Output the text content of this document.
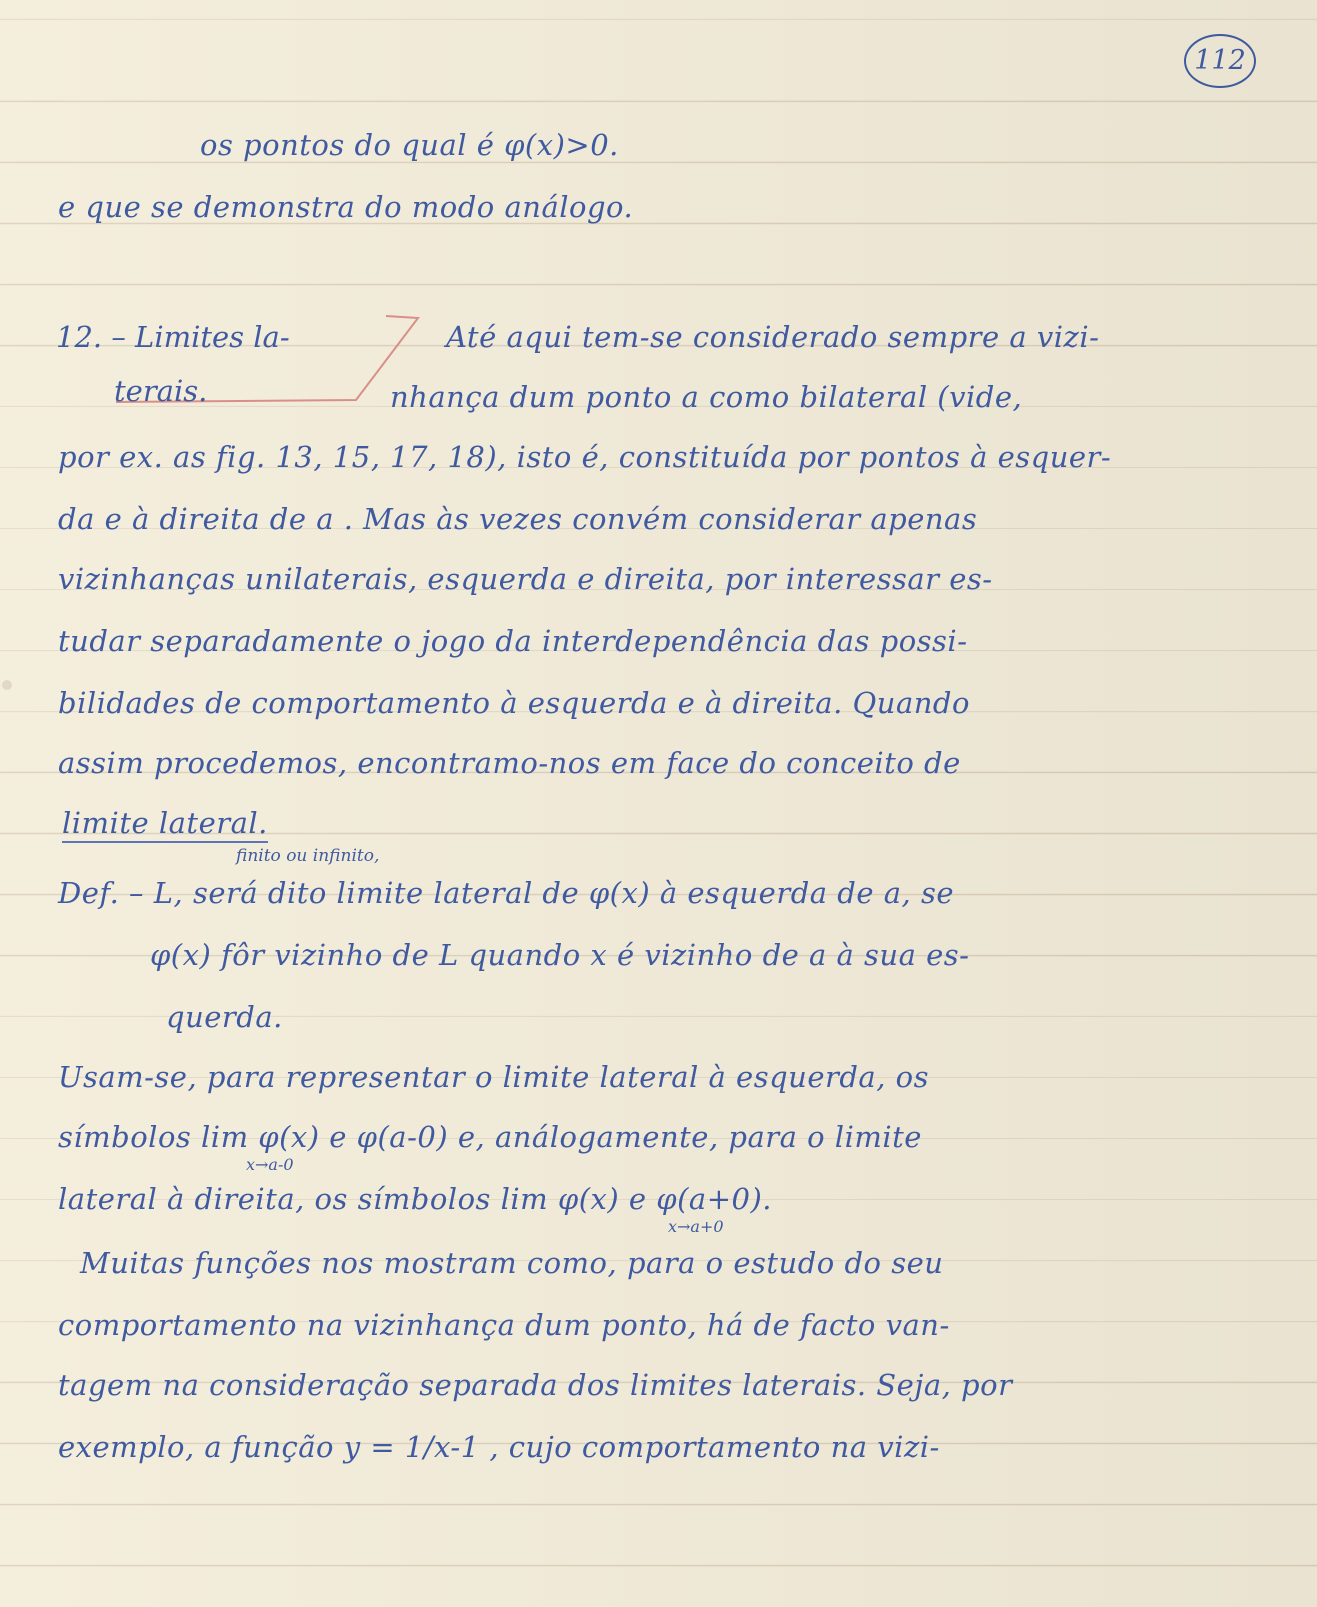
112
os pontos do qual é φ(x)>0.
e que se demonstra do modo análogo.
12. – Limites la-
terais.
Até aqui tem-se considerado sempre a vizi-
nhança dum ponto a como bilateral (vide,
por ex. as fig. 13, 15, 17, 18), isto é, constituída por pontos à esquer-
da e à direita de a . Mas às vezes convém considerar apenas
vizinhanças unilaterais, esquerda e direita, por interessar es-
tudar separadamente o jogo da interdependência das possi-
bilidades de comportamento à esquerda e à direita. Quando
assim procedemos, encontramo-nos em face do conceito de
limite lateral.
finito ou infinito,
Def. – L, será dito limite lateral de φ(x) à esquerda de a, se
φ(x) fôr vizinho de L quando x é vizinho de a à sua es-
querda.
Usam-se, para representar o limite lateral à esquerda, os
símbolos lim φ(x) e φ(a-0) e, análogamente, para o limite
x→a-0
lateral à direita, os símbolos lim φ(x) e φ(a+0).
x→a+0
Muitas funções nos mostram como, para o estudo do seu
comportamento na vizinhança dum ponto, há de facto van-
tagem na consideração separada dos limites laterais. Seja, por
exemplo, a função y = 1/x-1 , cujo comportamento na vizi-
